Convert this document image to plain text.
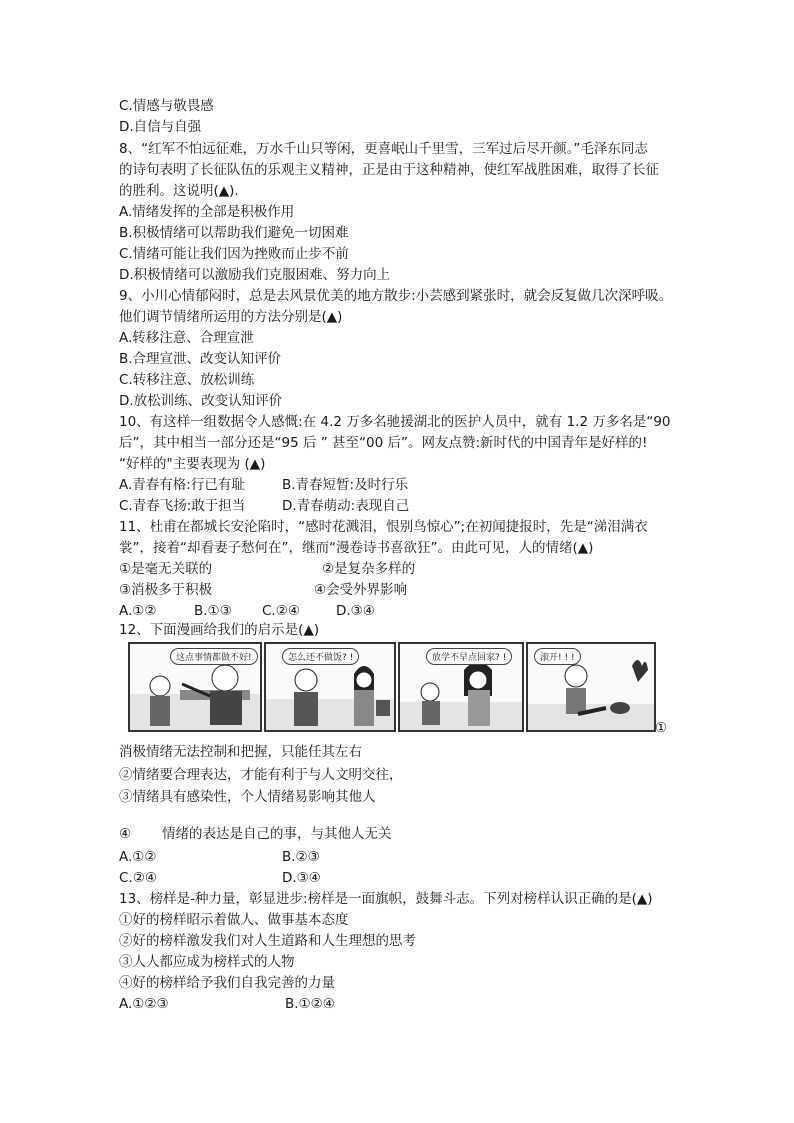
C.情感与敬畏感
D.自信与自强
8、“红军不怕远征难，万水千山只等闲，更喜岷山千里雪，三军过后尽开颜。”毛泽东同志
的诗句表明了长征队伍的乐观主义精神，正是由于这种精神，使红军战胜困难，取得了长征
的胜利。这说明(▲).
A.情绪发挥的全部是积极作用
B.积极情绪可以帮助我们避免一切困难
C.情绪可能让我们因为挫败而止步不前
D.积极情绪可以激励我们克服困难、努力向上
9、小川心情郁闷时，总是去风景优美的地方散步:小芸感到紧张时，就会反复做几次深呼吸。
他们调节情绪所运用的方法分别是(▲)
A.转移注意、合理宣泄
B.合理宣泄、改变认知评价
C.转移注意、放松训练
D.放松训练、改变认知评价
10、有这样一组数据令人感慨:在 4.2 万多名驰援湖北的医护人员中，就有 1.2 万多名是“90
后”，其中相当一部分还是“95 后 ” 甚至“00 后”。网友点赞:新时代的中国青年是好样的!
“好样的"主要表现为 (▲)
A.青春有格:行已有耻	B.青春短暂:及时行乐
C.青春飞扬:敢于担当	D.青春萌动:表现自己
11、杜甫在都城长安沦陷时，“感时花溅泪，恨别鸟惊心”;在初闻捷报时，先是“涕泪满衣
裳”，接着“却看妻子愁何在”，继而“漫卷诗书喜欲狂”。由此可见，人的情绪(▲)
①是毫无关联的	②是复杂多样的
③消极多于积极	④会受外界影响
A.①②	B.①③ C.②④	D.③④
12、下面漫画给我们的启示是(▲)
这点事情都做不好!	怎么还不做饭? !	放学不早点回家? !	滚开! ! !
①
消极情绪无法控制和把握，只能任其左右
②情绪要合理表达，才能有利于与人文明交往，
③情绪具有感染性，个人情绪易影响其他人
④ 情绪的表达是自己的事，与其他人无关
A.①②	B.②③
C.②④	D.③④
13、榜样是-种力量，彰显进步:榜样是一面旗帜，鼓舞斗志。下列对榜样认识正确的是(▲)
①好的榜样昭示着做人、做事基本态度
②好的榜样激发我们对人生道路和人生理想的思考
③人人都应成为榜样式的人物
④好的榜样给予我们自我完善的力量
A.①②③	B.①②④
